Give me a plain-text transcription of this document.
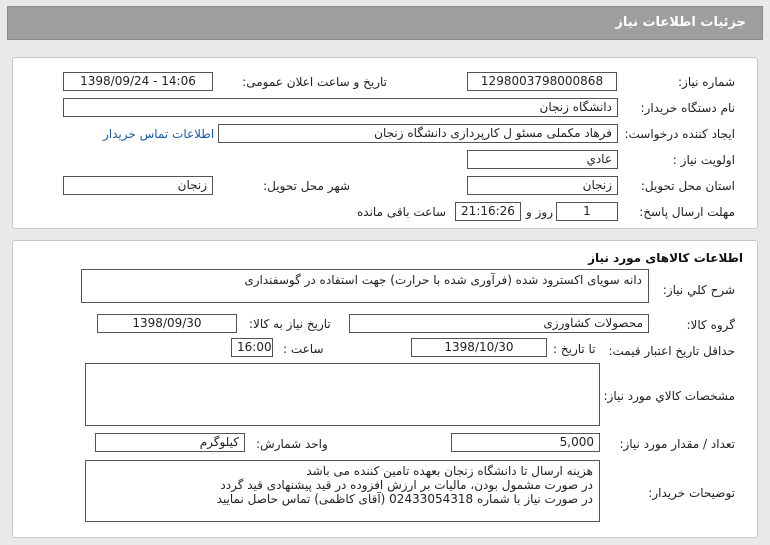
جزئیات اطلاعات نیاز
شماره نیاز:
1298003798000868
تاریخ و ساعت اعلان عمومی:
1398/09/24 - 14:06
نام دستگاه خریدار:
دانشگاه زنجان
ایجاد کننده درخواست:
فرهاد مکملی مسئو ل کارپردازی دانشگاه زنجان
اطلاعات تماس خریدار
اولویت نیاز :
عادي
استان محل تحویل:
زنجان
شهر محل تحویل:
زنجان
مهلت ارسال پاسخ:
1
روز و
21:16:26
ساعت باقی مانده
اطلاعات کالاهای مورد نیاز
شرح کلي نیاز:
دانه سویای اکسترود شده (فرآوری شده با حرارت) جهت استفاده در گوسفنداری
گروه کالا:
محصولات کشاورزی
تاریخ نیاز به کالا:
1398/09/30
حداقل تاریخ اعتبار قیمت:
تا تاریخ :
1398/10/30
ساعت :
16:00
مشخصات کالاي مورد نیاز:
تعداد / مقدار مورد نیاز:
5,000
واحد شمارش:
کیلوگرم
توضیحات خریدار:
هزینه ارسال تا دانشگاه زنجان بعهده تامین کننده می باشد
در صورت مشمول بودن، مالیات بر ارزش افزوده در قید پیشنهادی قید گردد
در صورت نیاز با شماره 02433054318 (آقای کاظمی) تماس حاصل نمایید
